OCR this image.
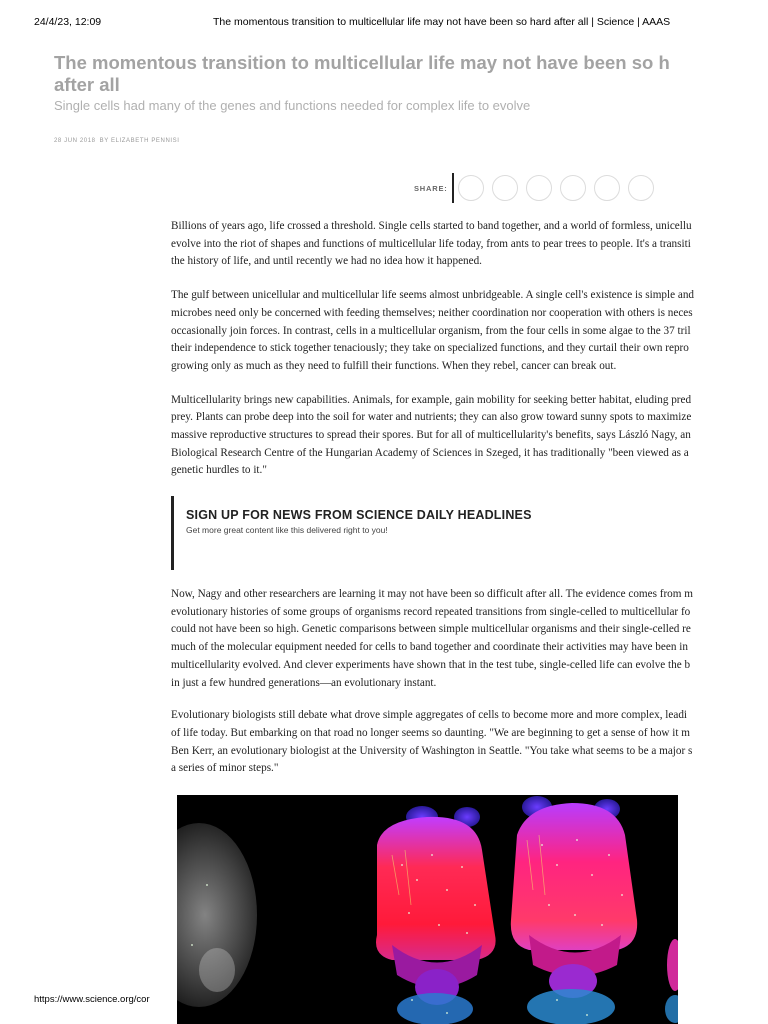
24/4/23, 12:09	The momentous transition to multicellular life may not have been so hard after all | Science | AAAS
The momentous transition to multicellular life may not have been so h
after all
Single cells had many of the genes and functions needed for complex life to evolve
28 JUN 2018 BY ELIZABETH PENNISI
SHARE:

Billions of years ago, life crossed a threshold. Single cells started to band together, and a world of formless, unicellu

evolve into the riot of shapes and functions of multicellular life today, from ants to pear trees to people. It's a transiti

the history of life, and until recently we had no idea how it happened.

The gulf between unicellular and multicellular life seems almost unbridgeable. A single cell's existence is simple and

microbes need only be concerned with feeding themselves; neither coordination nor cooperation with others is neces

occasionally join forces. In contrast, cells in a multicellular organism, from the four cells in some algae to the 37 tril

their independence to stick together tenaciously; they take on specialized functions, and they curtail their own repro

growing only as much as they need to fulfill their functions. When they rebel, cancer can break out.

Multicellularity brings new capabilities. Animals, for example, gain mobility for seeking better habitat, eluding pred

prey. Plants can probe deep into the soil for water and nutrients; they can also grow toward sunny spots to maximize

massive reproductive structures to spread their spores. But for all of multicellularity's benefits, says László Nagy, an

Biological Research Centre of the Hungarian Academy of Sciences in Szeged, it has traditionally "been viewed as a

genetic hurdles to it."

SIGN UP FOR NEWS FROM SCIENCE DAILY HEADLINES
Get more great content like this delivered right to you!

Now, Nagy and other researchers are learning it may not have been so difficult after all. The evidence comes from m

evolutionary histories of some groups of organisms record repeated transitions from single-celled to multicellular fo

could not have been so high. Genetic comparisons between simple multicellular organisms and their single-celled re

much of the molecular equipment needed for cells to band together and coordinate their activities may have been in

multicellularity evolved. And clever experiments have shown that in the test tube, single-celled life can evolve the b

in just a few hundred generations—an evolutionary instant.

Evolutionary biologists still debate what drove simple aggregates of cells to become more and more complex, leadi

of life today. But embarking on that road no longer seems so daunting. "We are beginning to get a sense of how it m

Ben Kerr, an evolutionary biologist at the University of Washington in Seattle. "You take what seems to be a major s

a series of minor steps."

https://www.science.org/cor
